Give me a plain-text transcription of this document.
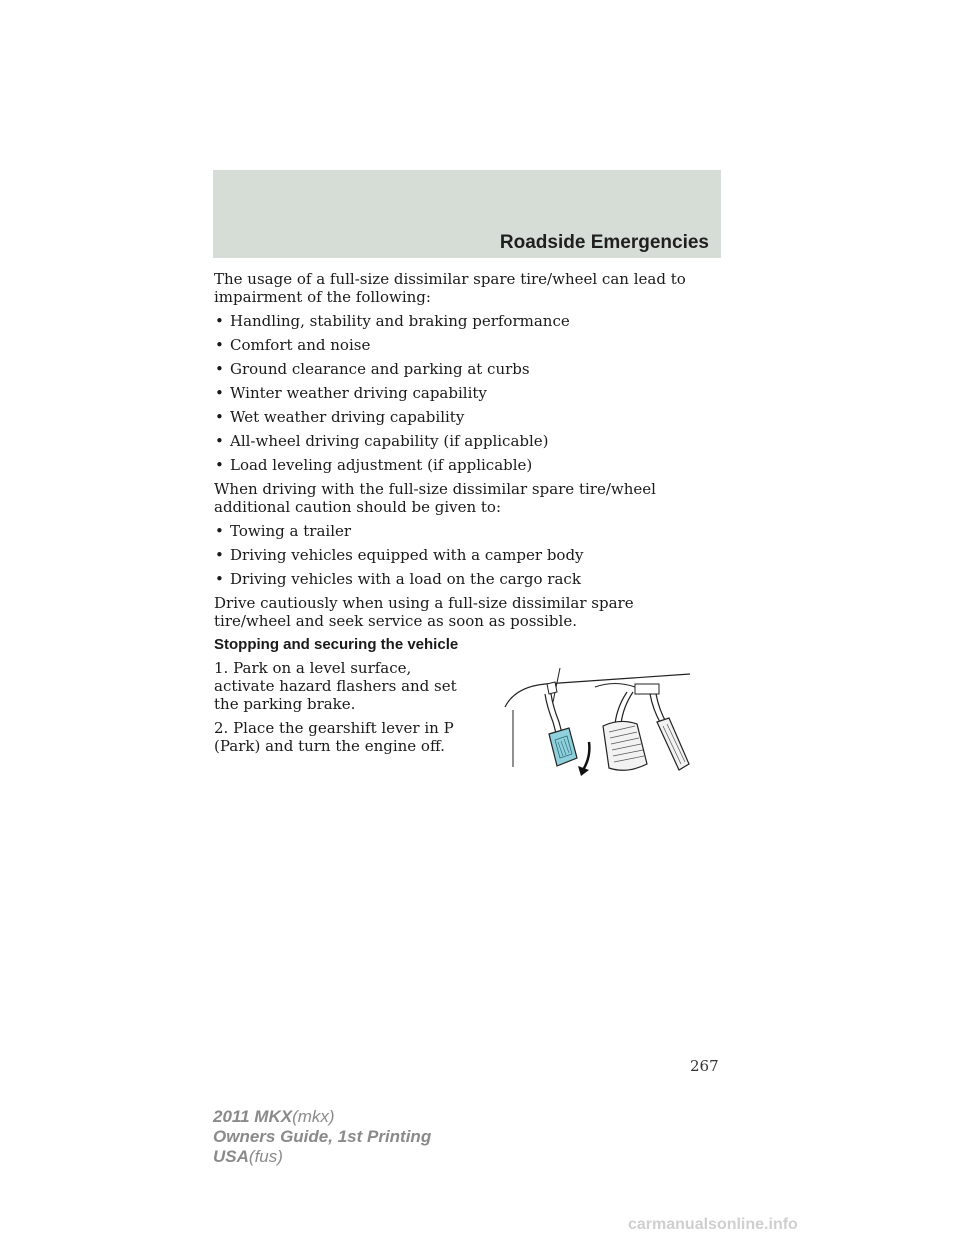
Roadside Emergencies

The usage of a full-size dissimilar spare tire/wheel can lead to impairment of the following:

• Handling, stability and braking performance
• Comfort and noise
• Ground clearance and parking at curbs
• Winter weather driving capability
• Wet weather driving capability
• All-wheel driving capability (if applicable)
• Load leveling adjustment (if applicable)

When driving with the full-size dissimilar spare tire/wheel additional caution should be given to:

• Towing a trailer
• Driving vehicles equipped with a camper body
• Driving vehicles with a load on the cargo rack

Drive cautiously when using a full-size dissimilar spare tire/wheel and seek service as soon as possible.

Stopping and securing the vehicle

1. Park on a level surface, activate hazard flashers and set the parking brake.

2. Place the gearshift lever in P (Park) and turn the engine off.

267
2011 MKX(mkx)
Owners Guide, 1st Printing
USA(fus)
carmanualsonline.info
